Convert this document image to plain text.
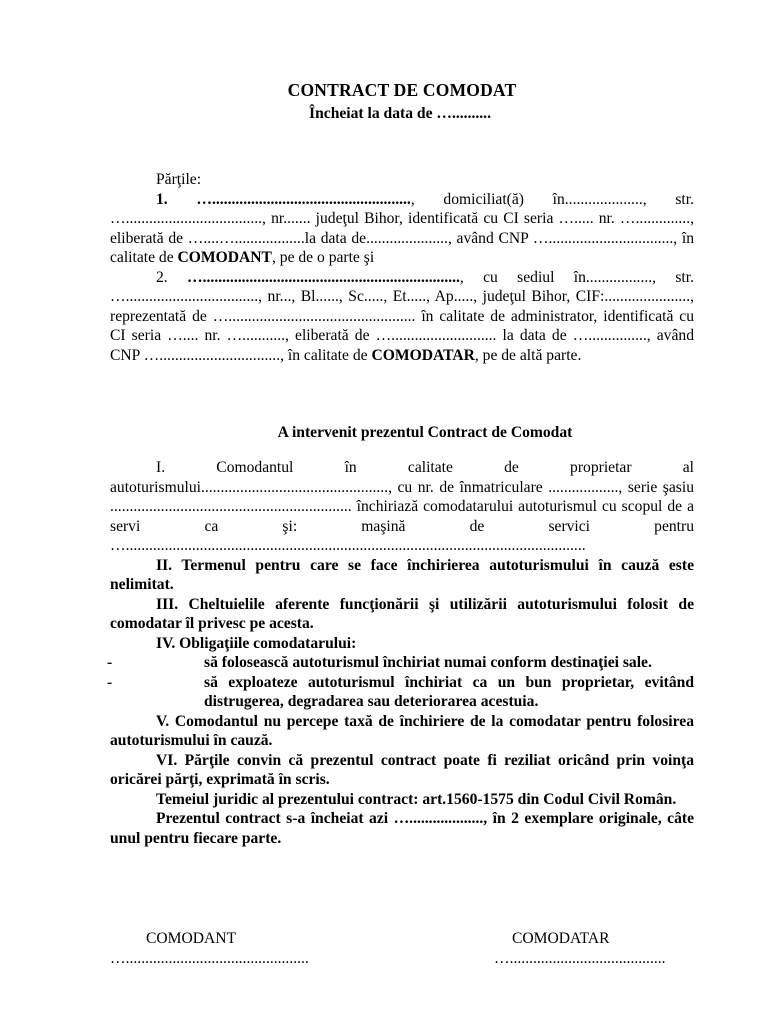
CONTRACT DE COMODAT
Încheiat la data de …..........

Părţile:

1. …..................................................., domiciliat(ă) în...................., str. …..................................., nr....... judeţul Bihor, identificată cu CI seria …..... nr. ….............., eliberată de …....…..................la data de....................., având CNP …................................, în calitate de COMODANT, pe de o parte şi

2. ….................................................................., cu sediul în................., str. ….................................., nr..., Bl......, Sc....., Et....., Ap....., judeţul Bihor, CIF:......................, reprezentată de …................................................ în calitate de administrator, identificată cu CI seria ….... nr. …..........., eliberată de …........................... la data de …..............., având CNP …..............................., în calitate de COMODATAR, pe de altă parte.

A intervenit prezentul Contract de Comodat

I. Comodantul în calitate de proprietar al autoturismului................................................, cu nr. de înmatriculare .................., serie şasiu .............................................................. închiriază comodatarului autoturismul cu scopul de a servi ca şi: maşină de servici pentru …......................................................................................................................

II. Termenul pentru care se face închirierea autoturismului în cauză este nelimitat.

III. Cheltuielile aferente funcţionării şi utilizării autoturismului folosit de comodatar îl privesc pe acesta.

IV. Obligaţiile comodatarului:

-	să folosească autoturismul închiriat numai conform destinaţiei sale.
-	să exploateze autoturismul închiriat ca un bun proprietar, evitând distrugerea, degradarea sau deteriorarea acestuia.

V. Comodantul nu percepe taxă de închiriere de la comodatar pentru folosirea autoturismului în cauză.

VI. Părţile convin că prezentul contract poate fi reziliat oricând prin voinţa oricărei părţi, exprimată în scris.

Temeiul juridic al prezentului contract: art.1560-1575 din Codul Civil Român.

Prezentul contract s-a încheiat azi …..................., în 2 exemplare originale, câte unul pentru fiecare parte.

COMODANT
…...............................................
COMODATAR
…........................................
